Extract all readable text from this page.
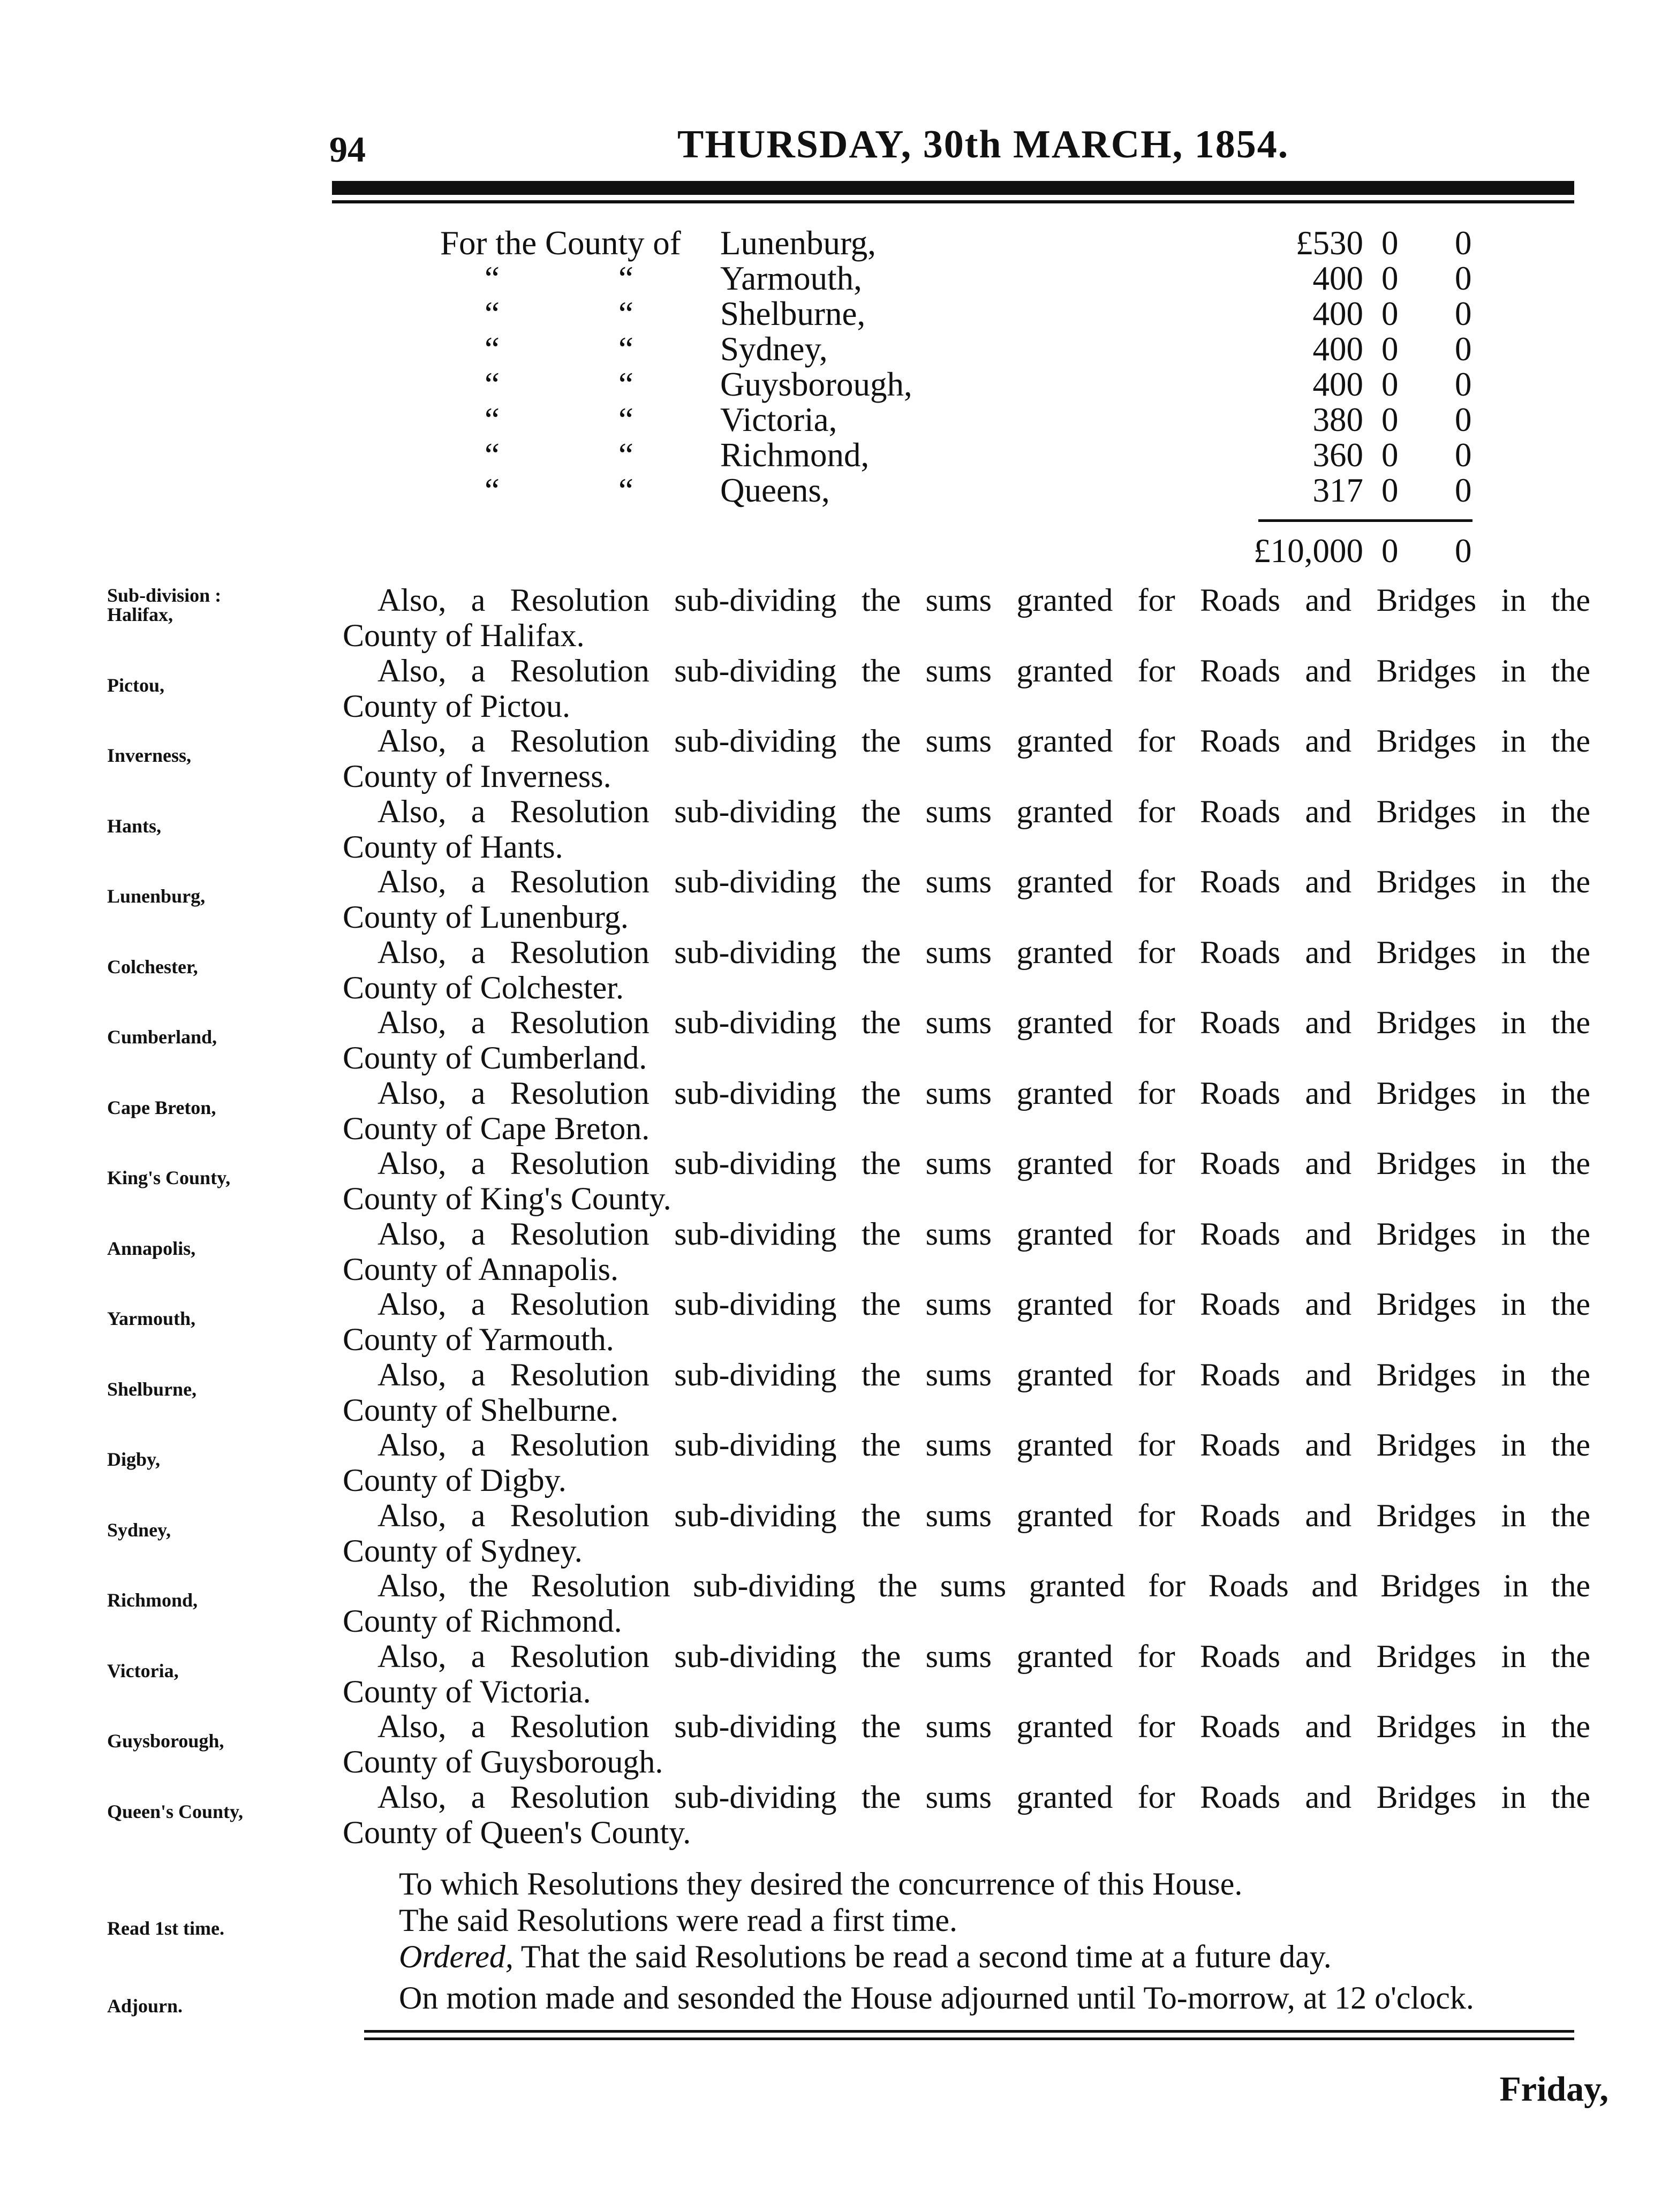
94	THURSDAY, 30th MARCH, 1854.
For the County of Lunenburg,	£530 0 0
“	“	Yarmouth,	400 0 0
“	“	Shelburne,	400 0 0
“	“	Sydney,	400 0 0
“	“	Guysborough,	400 0 0
“	“	Victoria,	380 0 0
“	“	Richmond,	360 0 0
“	“	Queens,	317 0 0
£10,000 0 0
Sub-division :
Halifax,	Also, a Resolution sub-dividing the sums granted for Roads and Bridges in the
County of Halifax.
Pictou,	Also, a Resolution sub-dividing the sums granted for Roads and Bridges in the
County of Pictou.
Inverness,	Also, a Resolution sub-dividing the sums granted for Roads and Bridges in the
County of Inverness.
Hants,	Also, a Resolution sub-dividing the sums granted for Roads and Bridges in the
County of Hants.
Lunenburg,	Also, a Resolution sub-dividing the sums granted for Roads and Bridges in the
County of Lunenburg.
Colchester,	Also, a Resolution sub-dividing the sums granted for Roads and Bridges in the
County of Colchester.
Cumberland,	Also, a Resolution sub-dividing the sums granted for Roads and Bridges in the
County of Cumberland.
Cape Breton,	Also, a Resolution sub-dividing the sums granted for Roads and Bridges in the
County of Cape Breton.
King's County,	Also, a Resolution sub-dividing the sums granted for Roads and Bridges in the
County of King's County.
Annapolis,	Also, a Resolution sub-dividing the sums granted for Roads and Bridges in the
County of Annapolis.
Yarmouth,	Also, a Resolution sub-dividing the sums granted for Roads and Bridges in the
County of Yarmouth.
Shelburne,	Also, a Resolution sub-dividing the sums granted for Roads and Bridges in the
County of Shelburne.
Digby,	Also, a Resolution sub-dividing the sums granted for Roads and Bridges in the
County of Digby.
Sydney,	Also, a Resolution sub-dividing the sums granted for Roads and Bridges in the
County of Sydney.
Richmond,	Also, the Resolution sub-dividing the sums granted for Roads and Bridges in the
County of Richmond.
Victoria,	Also, a Resolution sub-dividing the sums granted for Roads and Bridges in the
County of Victoria.
Guysborough,	Also, a Resolution sub-dividing the sums granted for Roads and Bridges in the
County of Guysborough.
Queen's County,	Also, a Resolution sub-dividing the sums granted for Roads and Bridges in the
County of Queen's County.
To which Resolutions they desired the concurrence of this House.
The said Resolutions were read a first time.
Ordered, That the said Resolutions be read a second time at a future day.
On motion made and sesonded the House adjourned until To-morrow, at 12 o'clock.
Read 1st time.
Adjourn.
Friday,
